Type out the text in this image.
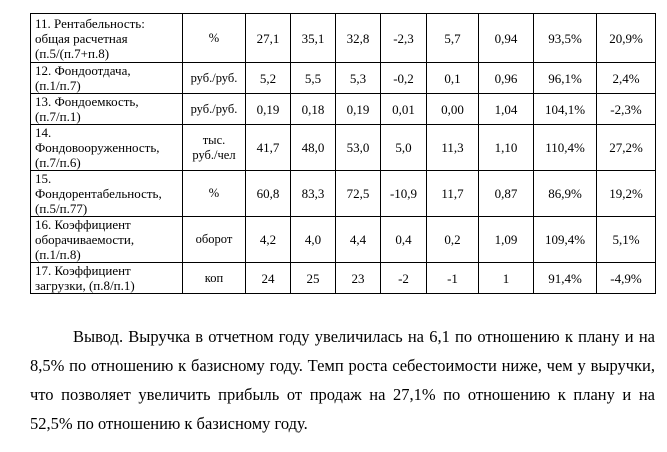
11. Рентабельность:
общая расчетная
(п.5/(п.7+п.8)	%	27,1	35,1	32,8	-2,3	5,7	0,94	93,5%	20,9%

12. Фондоотдача,
(п.1/п.7)	руб./руб.	5,2	5,5	5,3	-0,2	0,1	0,96	96,1%	2,4%

13. Фондоемкость,
(п.7/п.1)	руб./руб.	0,19	0,18	0,19	0,01	0,00	1,04	104,1%	-2,3%

14.
Фондовооруженность,
(п.7/п.6)	тыс.
руб./чел	41,7	48,0	53,0	5,0	11,3	1,10	110,4%	27,2%

15.
Фондорентабельность,
(п.5/п.77)	%	60,8	83,3	72,5	-10,9	11,7	0,87	86,9%	19,2%

16. Коэффициент
оборачиваемости,
(п.1/п.8)	оборот	4,2	4,0	4,4	0,4	0,2	1,09	109,4%	5,1%

17. Коэффициент
загрузки, (п.8/п.1)	коп	24	25	23	-2	-1	1	91,4%	-4,9%

Вывод. Выручка в отчетном году увеличилась на 6,1 по отношению к плану и на 8,5% по отношению к базисному году. Темп роста себестоимости ниже, чем у выручки, что позволяет увеличить прибыль от продаж на 27,1% по отношению к плану и на 52,5% по отношению к базисному году.
